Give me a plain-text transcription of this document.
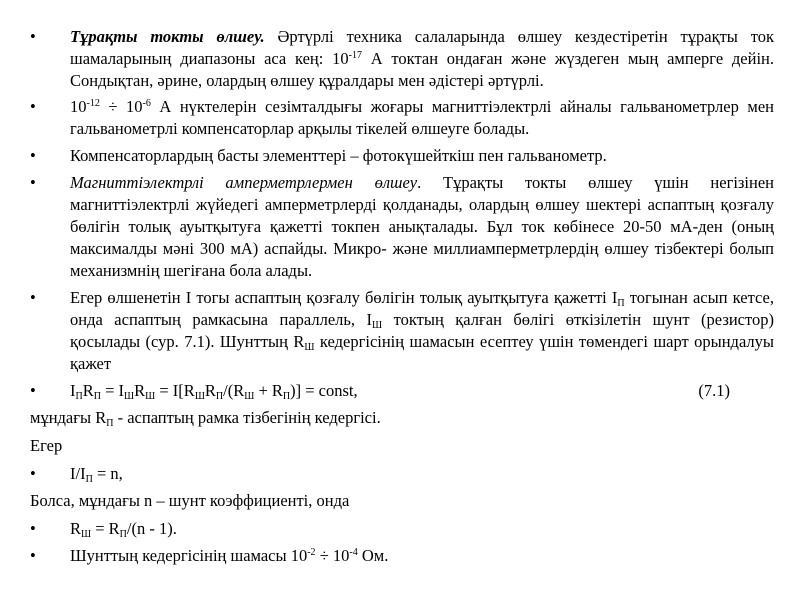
•	Тұрақты токты өлшеу. Әртүрлі техника салаларында өлшеу кездестіретін тұрақты ток шамаларының диапазоны аса кең: $10^{-17}$ А токтан ондаған және жүздеген мың амперге дейін. Сондықтан, әрине, олардың өлшеу құралдары мен әдістері әртүрлі.
•	$10^{-12} \div 10^{-6}$ А нүктелерін сезімталдығы жоғары магниттіэлектрлі айналы гальванометрлер мен гальванометрлі компенсаторлар арқылы тікелей өлшеуге болады.
•	Компенсаторлардың басты элементтері – фотокүшейткіш пен гальванометр.
•	Магниттіэлектрлі амперметрлермен өлшеу. Тұрақты токты өлшеу үшін негізінен магниттіэлектрлі жүйедегі амперметрлерді қолданады, олардың өлшеу шектері аспаптың қозғалу бөлігін толық ауытқытуға қажетті токпен анықталады. Бұл ток көбінесе 20-50 мА-ден (оның максималды мәні 300 мА) аспайды. Микро- және миллиамперметрлердің өлшеу тізбектері болып механизмнің шегіғана бола алады.
•	Егер өлшенетін I тогы аспаптың қозғалу бөлігін толық ауытқытуға қажетті $I_П$ тогынан асып кетсе, онда аспаптың рамкасына параллель, $I_Ш$ токтың қалған бөлігі өткізілетін шунт (резистор) қосылады (сур. 7.1). Шунттың $R_Ш$ кедергісінің шамасын есептеу үшін төмендегі шарт орындалуы қажет
•	$I_ПR_П = I_ШR_Ш = I[R_ШR_П/(R_Ш + R_П)]$ = const,	(7.1)
мұндағы $R_П$ - аспаптың рамка тізбегінің кедергісі.
Егер
•	$I/I_П = n$,
Болса, мұндағы n – шунт коэффициенті, онда
•	$R_Ш = R_П/(n - 1)$.
•	Шунттың кедергісінің шамасы $10^{-2} \div 10^{-4}$ Ом.
